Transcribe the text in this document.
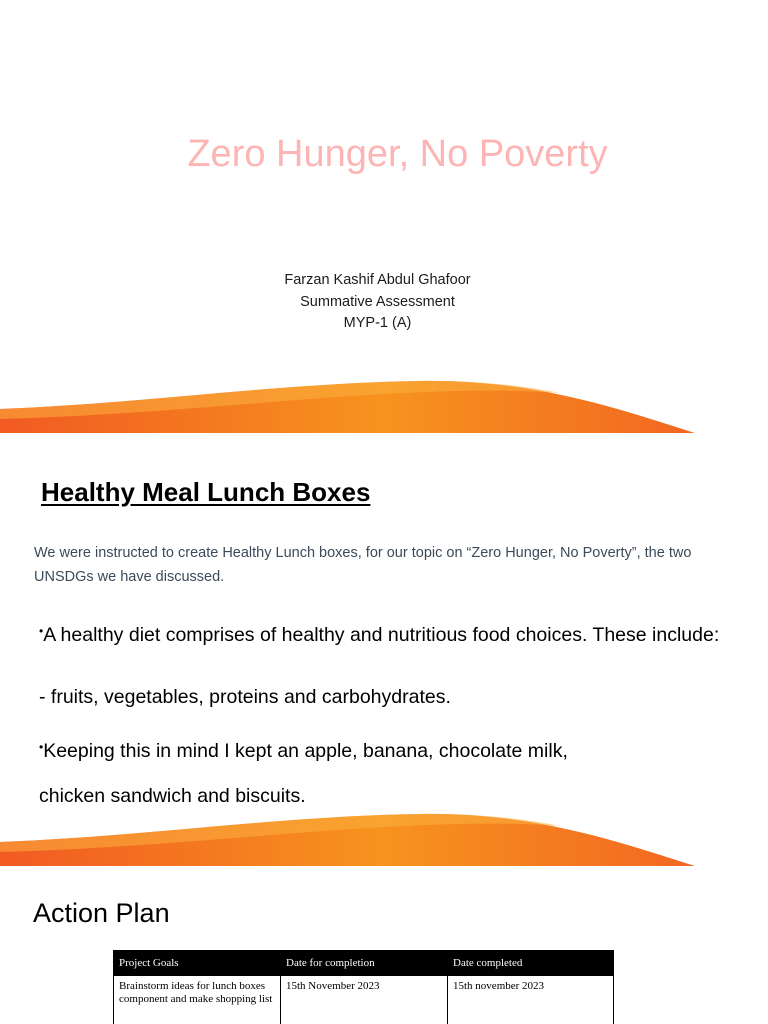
Zero Hunger, No Poverty
Farzan Kashif Abdul Ghafoor
Summative Assessment
MYP-1 (A)
Healthy Meal Lunch Boxes
We were instructed to create Healthy Lunch boxes, for our topic on “Zero Hunger, No Poverty”, the two UNSDGs we have discussed.
•A healthy diet comprises of healthy and nutritious food choices. These include:
- fruits, vegetables, proteins and carbohydrates.
•Keeping this in mind I kept an apple, banana, chocolate milk,
chicken sandwich and biscuits.
Action Plan
Project Goals	Date for completion	Date completed
Brainstorm ideas for lunch boxes component and make shopping list	15th November 2023	15th november 2023
